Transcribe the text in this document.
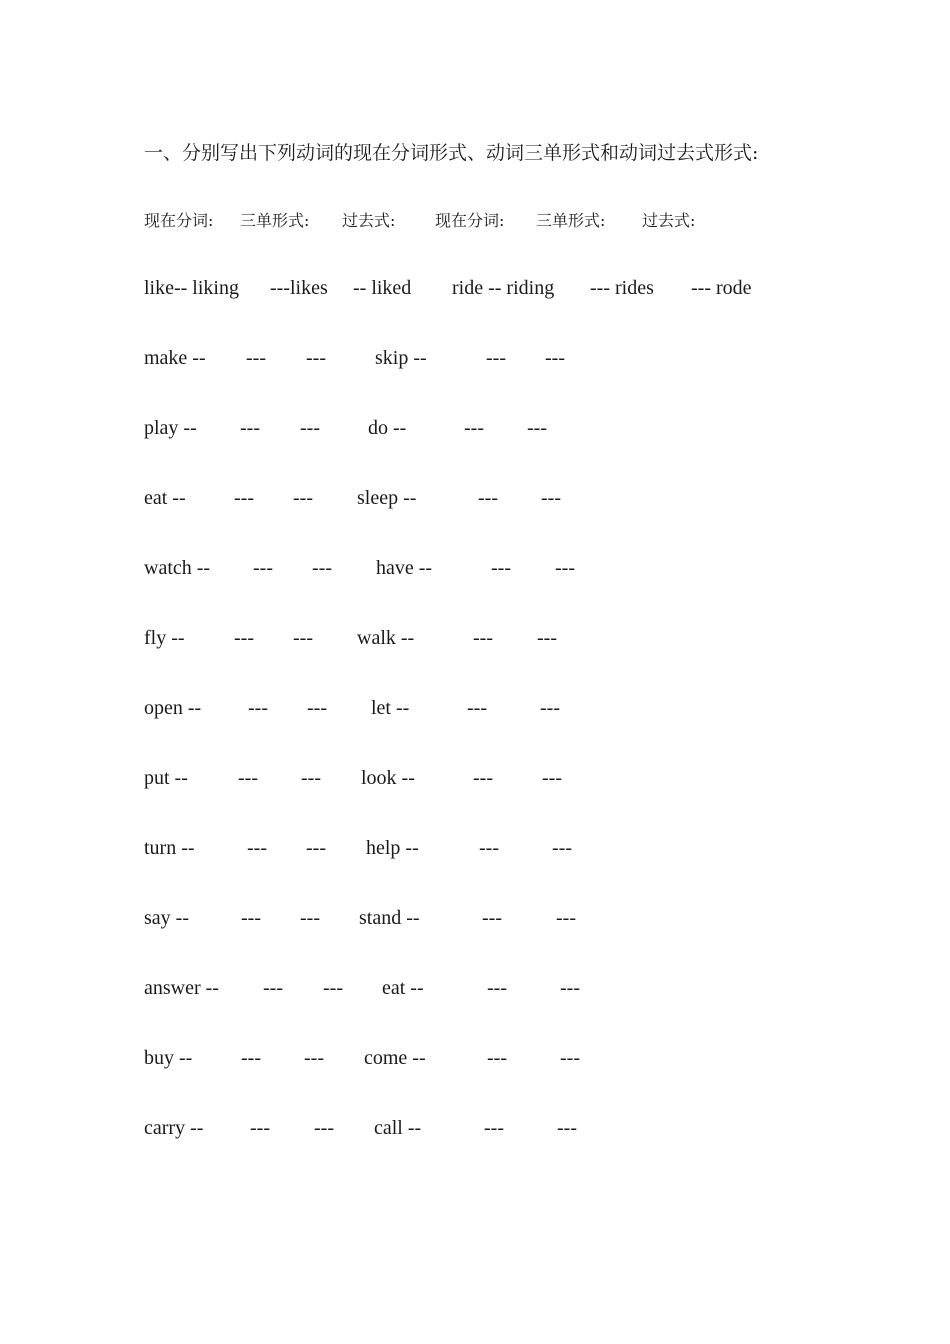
一、分别写出下列动词的现在分词形式、动词三单形式和动词过去式形式:
现在分词: 三单形式: 过去式: 现在分词: 三单形式: 过去式:
like-- liking ---likes -- liked ride -- riding --- rides --- rode
make -- --- --- skip --	--- ---
play -- --- --- do --	--- ---
eat -- --- --- sleep --	--- ---
watch -- --- --- have --	--- ---
fly -- --- --- walk --	--- ---
open -- --- --- let --	---	---
put --	--- --- look --	--- ---
turn --	--- --- help --	---	---
say --	--- --- stand --	---	---
answer -- --- --- eat --	---	---
buy -- --- --- come --	---	---
carry -- --- --- call --	---	---
